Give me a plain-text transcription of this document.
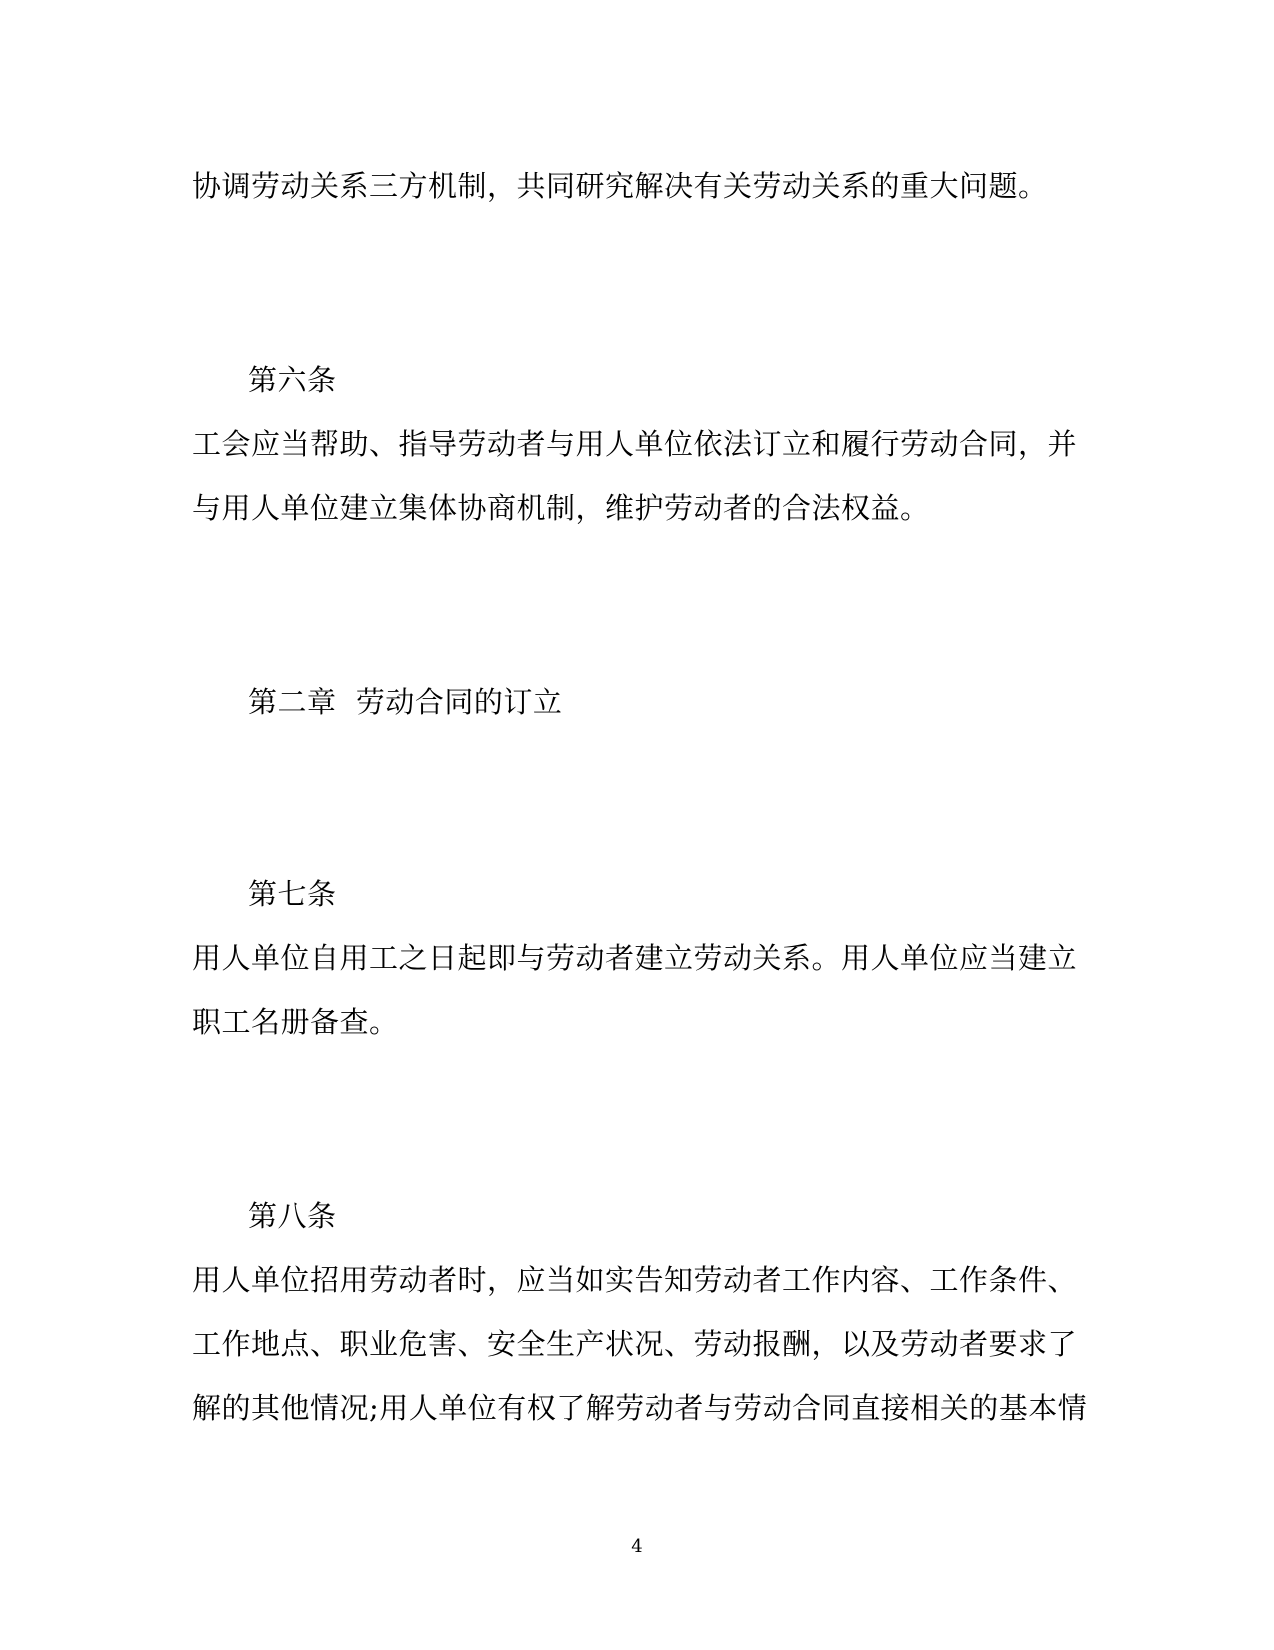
协调劳动关系三方机制，共同研究解决有关劳动关系的重大问题。
第六条
工会应当帮助、指导劳动者与用人单位依法订立和履行劳动合同，并
与用人单位建立集体协商机制，维护劳动者的合法权益。
第二章  劳动合同的订立
第七条
用人单位自用工之日起即与劳动者建立劳动关系。用人单位应当建立
职工名册备查。
第八条
用人单位招用劳动者时，应当如实告知劳动者工作内容、工作条件、
工作地点、职业危害、安全生产状况、劳动报酬，以及劳动者要求了
解的其他情况;用人单位有权了解劳动者与劳动合同直接相关的基本情
4
